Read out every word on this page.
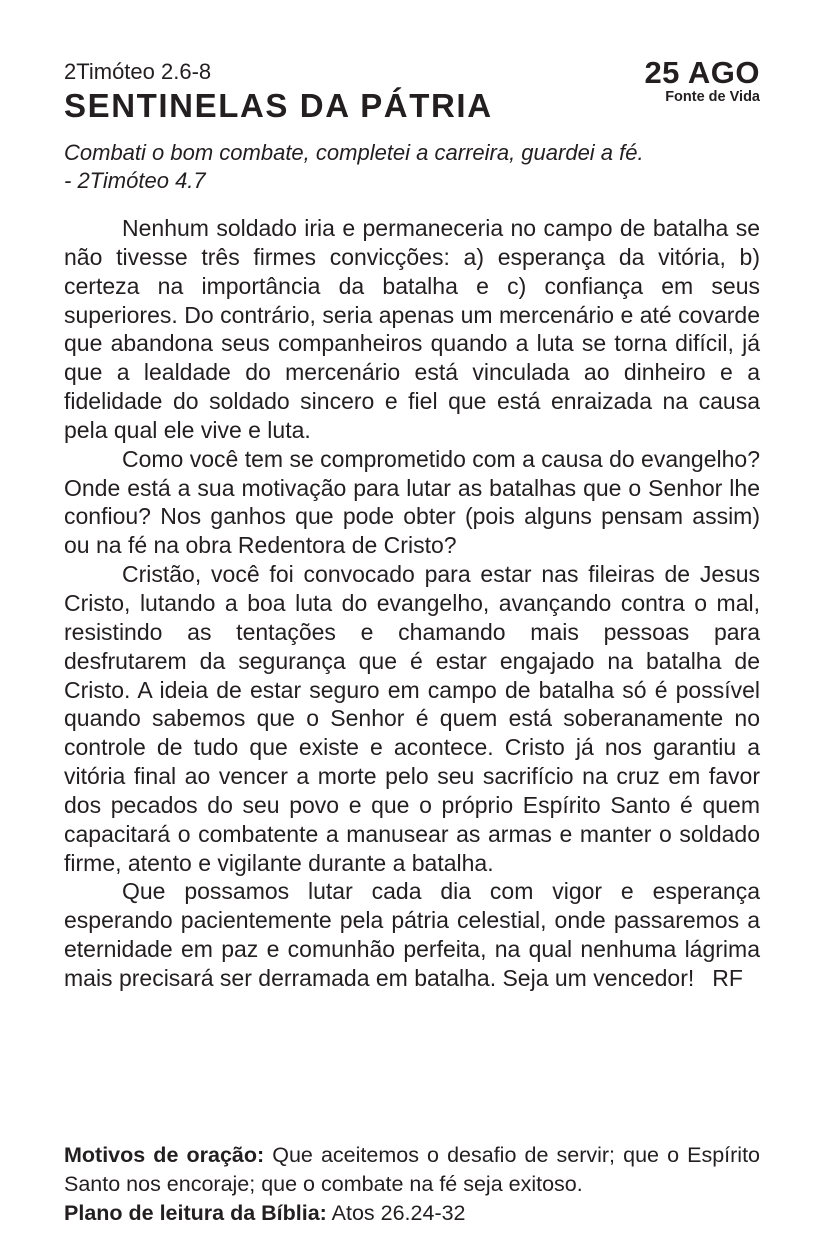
2Timóteo 2.6-8
SENTINELAS DA PÁTRIA
25 AGO
Fonte de Vida
Combati o bom combate, completei a carreira, guardei a fé.
- 2Timóteo 4.7

Nenhum soldado iria e permaneceria no campo de batalha se não tivesse três firmes convicções: a) esperança da vitória, b) certeza na importância da batalha e c) confiança em seus superiores. Do contrário, seria apenas um mercenário e até covarde que abandona seus companheiros quando a luta se torna difícil, já que a lealdade do mercenário está vinculada ao dinheiro e a fidelidade do soldado sincero e fiel que está enraizada na causa pela qual ele vive e luta.

Como você tem se comprometido com a causa do evangelho? Onde está a sua motivação para lutar as batalhas que o Senhor lhe confiou? Nos ganhos que pode obter (pois alguns pensam assim) ou na fé na obra Redentora de Cristo?

Cristão, você foi convocado para estar nas fileiras de Jesus Cristo, lutando a boa luta do evangelho, avançando contra o mal, resistindo as tentações e chamando mais pessoas para desfrutarem da segurança que é estar engajado na batalha de Cristo. A ideia de estar seguro em campo de batalha só é possível quando sabemos que o Senhor é quem está soberanamente no controle de tudo que existe e acontece. Cristo já nos garantiu a vitória final ao vencer a morte pelo seu sacrifício na cruz em favor dos pecados do seu povo e que o próprio Espírito Santo é quem capacitará o combatente a manusear as armas e manter o soldado firme, atento e vigilante durante a batalha.

Que possamos lutar cada dia com vigor e esperança esperando pacientemente pela pátria celestial, onde passaremos a eternidade em paz e comunhão perfeita, na qual nenhuma lágrima mais precisará ser derramada em batalha. Seja um vencedor! RF

Motivos de oração: Que aceitemos o desafio de servir; que o Espírito Santo nos encoraje; que o combate na fé seja exitoso.

Plano de leitura da Bíblia: Atos 26.24-32
